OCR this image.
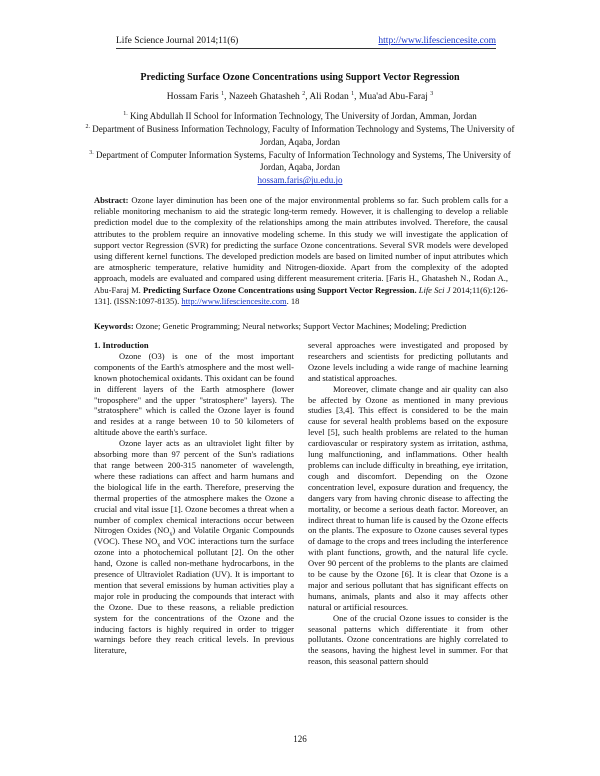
Life Science Journal 2014;11(6)	http://www.lifesciencesite.com
Predicting Surface Ozone Concentrations using Support Vector Regression
Hossam Faris $^1$, Nazeeh Ghatasheh $^2$, Ali Rodan $^1$, Mua'ad Abu-Faraj $^3$

$^{1.}$ King Abdullah II School for Information Technology, The University of Jordan, Amman, Jordan

$^{2.}$ Department of Business Information Technology, Faculty of Information Technology and Systems, The University of Jordan, Aqaba, Jordan

$^{3.}$ Department of Computer Information Systems, Faculty of Information Technology and Systems, The University of Jordan, Aqaba, Jordan

hossam.faris@ju.edu.jo

Abstract: Ozone layer diminution has been one of the major environmental problems so far. Such problem calls for a reliable monitoring mechanism to aid the strategic long-term remedy. However, it is challenging to develop a reliable prediction model due to the complexity of the relationships among the main attributes involved. Therefore, the causal attributes to the problem require an innovative modeling scheme. In this study we will investigate the application of support vector Regression (SVR) for predicting the surface Ozone concentrations. Several SVR models were developed using different kernel functions. The developed prediction models are based on limited number of input attributes which are atmospheric temperature, relative humidity and Nitrogen-dioxide. Apart from the complexity of the adopted approach, models are evaluated and compared using different measurement criteria. [Faris H., Ghatasheh N., Rodan A., Abu-Faraj M. Predicting Surface Ozone Concentrations using Support Vector Regression. Life Sci J 2014;11(6):126-131]. (ISSN:1097-8135). http://www.lifesciencesite.com. 18
Keywords: Ozone; Genetic Programming; Neural networks; Support Vector Machines; Modeling; Prediction

1. Introduction

Ozone (O3) is one of the most important components of the Earth's atmosphere and the most well-known photochemical oxidants. This oxidant can be found in different layers of the Earth atmosphere (lower "troposphere" and the upper "stratosphere" layers). The "stratosphere" which is called the Ozone layer is found and resides at a range between 10 to 50 kilometers of altitude above the earth's surface.

Ozone layer acts as an ultraviolet light filter by absorbing more than 97 percent of the Sun's radiations that range between 200-315 nanometer of wavelength, where these radiations can affect and harm humans and the biological life in the earth. Therefore, preserving the thermal properties of the atmosphere makes the Ozone a crucial and vital issue [1]. Ozone becomes a threat when a number of complex chemical interactions occur between Nitrogen Oxides $(NO_x)$ and Volatile Organic Compounds (VOC). These $NO_x$ and VOC interactions turn the surface ozone into a photochemical pollutant [2]. On the other hand, Ozone is called non-methane hydrocarbons, in the presence of Ultraviolet Radiation (UV). It is important to mention that several emissions by human activities play a major role in producing the compounds that interact with the Ozone. Due to these reasons, a reliable prediction system for the concentrations of the Ozone and the inducing factors is highly required in order to trigger warnings before they reach critical levels. In previous literature,

several approaches were investigated and proposed by researchers and scientists for predicting pollutants and Ozone levels including a wide range of machine learning and statistical approaches.

Moreover, climate change and air quality can also be affected by Ozone as mentioned in many previous studies [3,4]. This effect is considered to be the main cause for several health problems based on the exposure level [5], such health problems are related to the human cardiovascular or respiratory system as irritation, asthma, lung malfunctioning, and inflammations. Other health problems can include difficulty in breathing, eye irritation, cough and discomfort. Depending on the Ozone concentration level, exposure duration and frequency, the dangers vary from having chronic disease to affecting the mortality, or become a serious death factor. Moreover, an indirect threat to human life is caused by the Ozone effects on the plants. The exposure to Ozone causes several types of damage to the crops and trees including the interference with plant functions, growth, and the natural life cycle. Over 90 percent of the problems to the plants are claimed to be cause by the Ozone [6]. It is clear that Ozone is a major and serious pollutant that has significant effects on humans, animals, plants and also it may affects other natural or artificial resources.

One of the crucial Ozone issues to consider is the seasonal patterns which differentiate it from other pollutants. Ozone concentrations are highly correlated to the seasons, having the highest level in summer. For that reason, this seasonal pattern should

126
